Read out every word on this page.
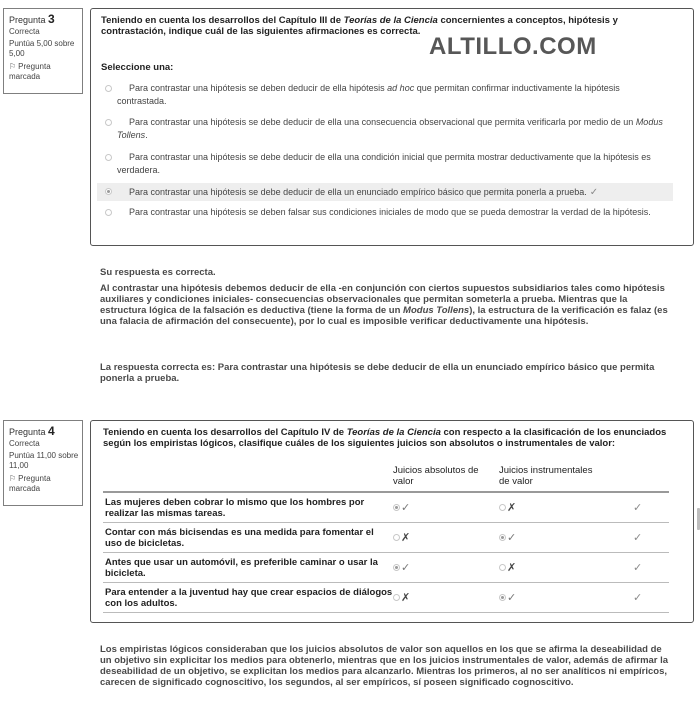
Pregunta 3
Correcta
Puntúa 5,00 sobre 5,00
⚐ Pregunta marcada
Teniendo en cuenta los desarrollos del Capítulo III de Teorías de la Ciencia concernientes a conceptos, hipótesis y contrastación, indique cuál de las siguientes afirmaciones es correcta.
ALTILLO.COM
Seleccione una:
Para contrastar una hipótesis se deben deducir de ella hipótesis ad hoc que permitan confirmar inductivamente la hipótesis contrastada.
Para contrastar una hipótesis se debe deducir de ella una consecuencia observacional que permita verificarla por medio de un Modus Tollens.
Para contrastar una hipótesis se debe deducir de ella una condición inicial que permita mostrar deductivamente que la hipótesis es verdadera.
Para contrastar una hipótesis se debe deducir de ella un enunciado empírico básico que permita ponerla a prueba. ✓
Para contrastar una hipótesis se deben falsar sus condiciones iniciales de modo que se pueda demostrar la verdad de la hipótesis.
Su respuesta es correcta.
Al contrastar una hipótesis debemos deducir de ella -en conjunción con ciertos supuestos subsidiarios tales como hipótesis auxiliares y condiciones iniciales- consecuencias observacionales que permitan someterla a prueba. Mientras que la estructura lógica de la falsación es deductiva (tiene la forma de un Modus Tollens), la estructura de la verificación es falaz (es una falacia de afirmación del consecuente), por lo cual es imposible verificar deductivamente una hipótesis.
La respuesta correcta es: Para contrastar una hipótesis se debe deducir de ella un enunciado empírico básico que permita ponerla a prueba.
Pregunta 4
Correcta
Puntúa 11,00 sobre 11,00
⚐ Pregunta marcada
Teniendo en cuenta los desarrollos del Capítulo IV de Teorías de la Ciencia con respecto a la clasificación de los enunciados según los empiristas lógicos, clasifique cuáles de los siguientes juicios son absolutos o instrumentales de valor:
	Juicios absolutos de valor	Juicios instrumentales de valor	
Las mujeres deben cobrar lo mismo que los hombres por realizar las mismas tareas.	✓	✗	✓
Contar con más bicisendas es una medida para fomentar el uso de bicicletas.	✗	✓	✓
Antes que usar un automóvil, es preferible caminar o usar la bicicleta.	✓	✗	✓
Para entender a la juventud hay que crear espacios de diálogos con los adultos.	✗	✓	✓
Los empiristas lógicos consideraban que los juicios absolutos de valor son aquellos en los que se afirma la deseabilidad de un objetivo sin explicitar los medios para obtenerlo, mientras que en los juicios instrumentales de valor, además de afirmar la deseabilidad de un objetivo, se explicitan los medios para alcanzarlo. Mientras los primeros, al no ser analíticos ni empíricos, carecen de significado cognoscitivo, los segundos, al ser empíricos, sí poseen significado cognoscitivo.
